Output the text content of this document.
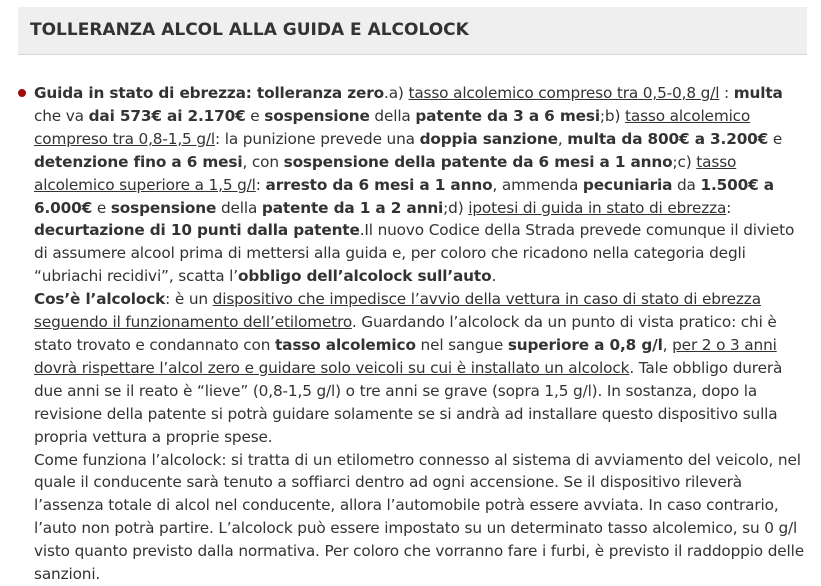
TOLLERANZA ALCOL ALLA GUIDA E ALCOLOCK
Guida in stato di ebrezza: tolleranza zero.a) tasso alcolemico compreso tra 0,5-0,8 g/l : multa che va dai 573€ ai 2.170€ e sospensione della patente da 3 a 6 mesi;b) tasso alcolemico compreso tra 0,8-1,5 g/l: la punizione prevede una doppia sanzione, multa da 800€ a 3.200€ e detenzione fino a 6 mesi, con sospensione della patente da 6 mesi a 1 anno;c) tasso alcolemico superiore a 1,5 g/l: arresto da 6 mesi a 1 anno, ammenda pecuniaria da 1.500€ a 6.000€ e sospensione della patente da 1 a 2 anni;d) ipotesi di guida in stato di ebrezza: decurtazione di 10 punti dalla patente.Il nuovo Codice della Strada prevede comunque il divieto di assumere alcool prima di mettersi alla guida e, per coloro che ricadono nella categoria degli “ubriachi recidivi”, scatta l’obbligo dell’alcolock sull’auto.
Cos’è l’alcolock: è un dispositivo che impedisce l’avvio della vettura in caso di stato di ebrezza seguendo il funzionamento dell’etilometro. Guardando l’alcolock da un punto di vista pratico: chi è stato trovato e condannato con tasso alcolemico nel sangue superiore a 0,8 g/l, per 2 o 3 anni dovrà rispettare l’alcol zero e guidare solo veicoli su cui è installato un alcolock. Tale obbligo durerà due anni se il reato è “lieve” (0,8-1,5 g/l) o tre anni se grave (sopra 1,5 g/l). In sostanza, dopo la revisione della patente si potrà guidare solamente se si andrà ad installare questo dispositivo sulla propria vettura a proprie spese.
Come funziona l’alcolock: si tratta di un etilometro connesso al sistema di avviamento del veicolo, nel quale il conducente sarà tenuto a soffiarci dentro ad ogni accensione. Se il dispositivo rileverà l’assenza totale di alcol nel conducente, allora l’automobile potrà essere avviata. In caso contrario, l’auto non potrà partire. L’alcolock può essere impostato su un determinato tasso alcolemico, su 0 g/l visto quanto previsto dalla normativa. Per coloro che vorranno fare i furbi, è previsto il raddoppio delle sanzioni.
